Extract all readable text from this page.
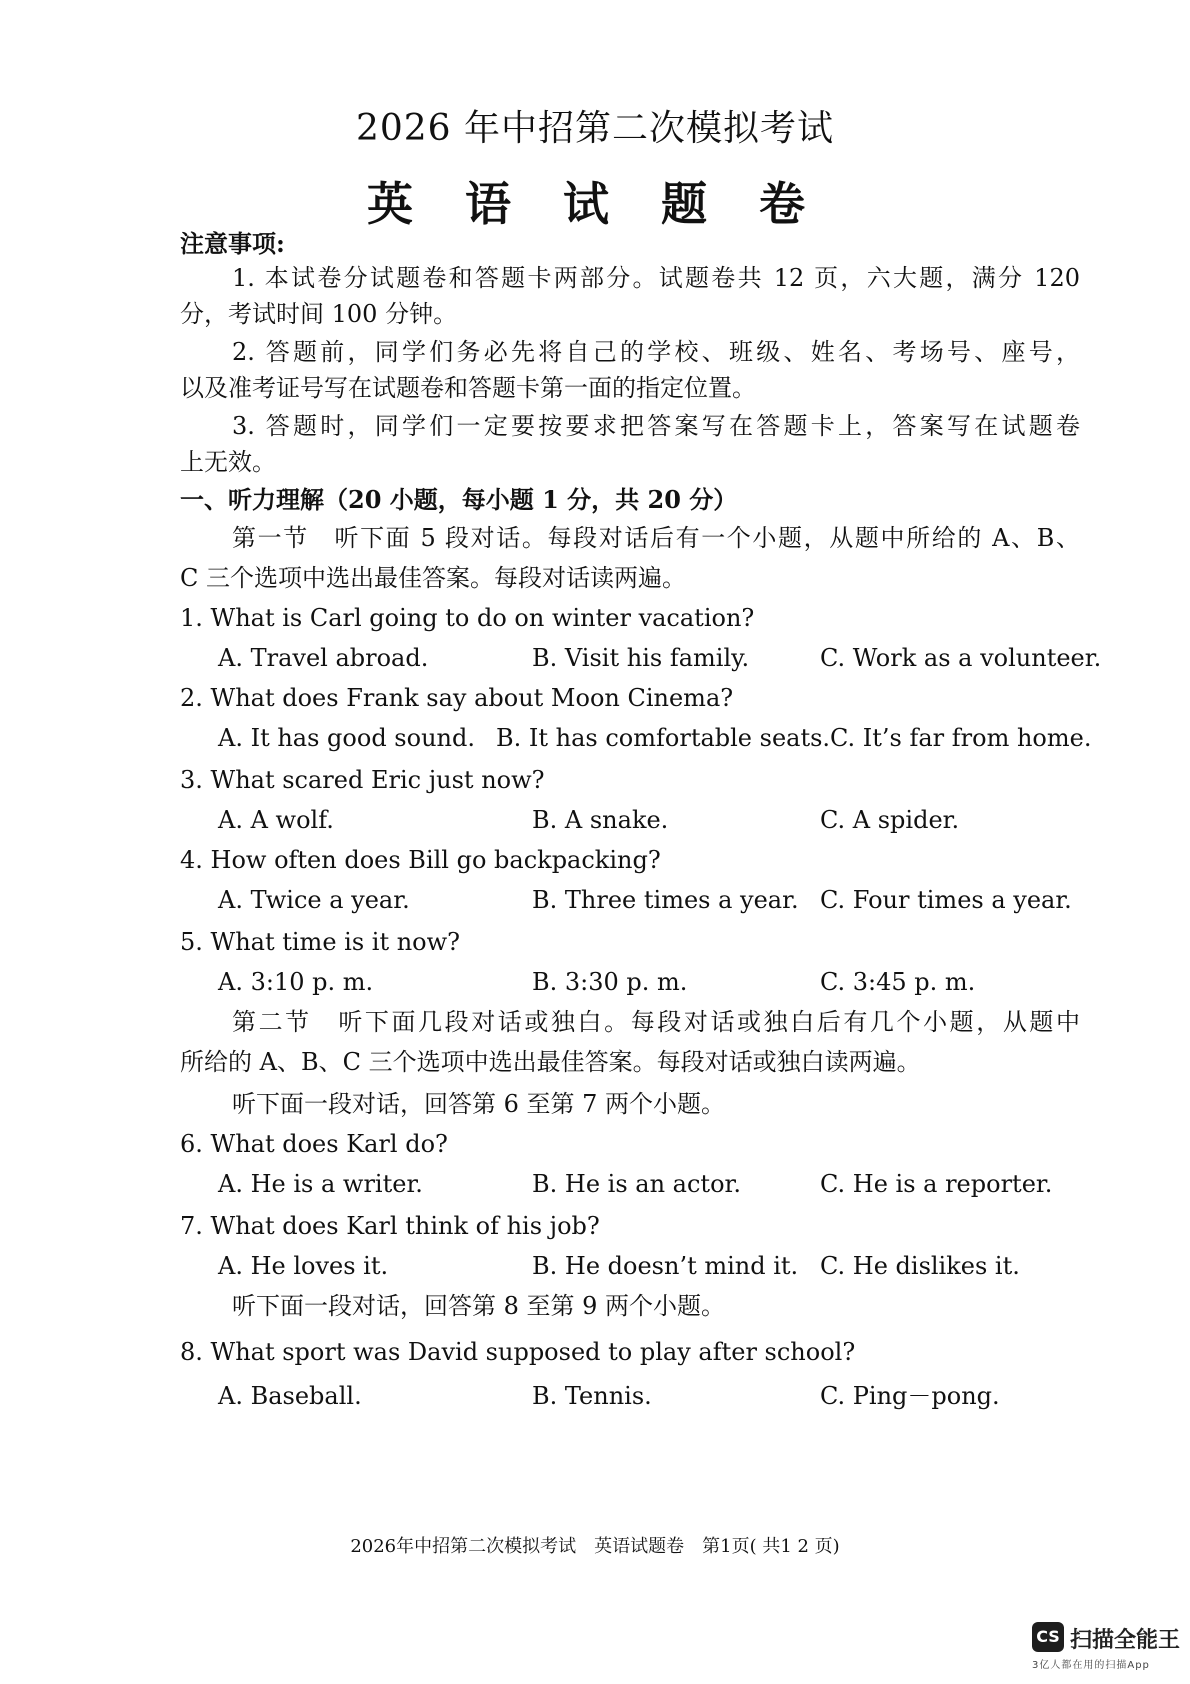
2026 年中招第二次模拟考试
英 语 试 题 卷
注意事项:
1. 本试卷分试题卷和答题卡两部分。试题卷共 12 页，六大题，满分 120
分，考试时间 100 分钟。
2. 答题前，同学们务必先将自己的学校、班级、姓名、考场号、座号，
以及准考证号写在试题卷和答题卡第一面的指定位置。
3. 答题时，同学们一定要按要求把答案写在答题卡上，答案写在试题卷
上无效。
一、听力理解（20 小题，每小题 1 分，共 20 分）
第一节　听下面 5 段对话。每段对话后有一个小题，从题中所给的 A、B、
C 三个选项中选出最佳答案。每段对话读两遍。
1. What is Carl going to do on winter vacation?
A. Travel abroad.	B. Visit his family.	C. Work as a volunteer.
2. What does Frank say about Moon Cinema?
A. It has good sound. B. It has comfortable seats. C. It’s far from home.
3. What scared Eric just now?
A. A wolf.	B. A snake.	C. A spider.
4. How often does Bill go backpacking?
A. Twice a year.	B. Three times a year. C. Four times a year.
5. What time is it now?
A. 3:10 p. m.	B. 3:30 p. m.	C. 3:45 p. m.
第二节　听下面几段对话或独白。每段对话或独白后有几个小题，从题中
所给的 A、B、C 三个选项中选出最佳答案。每段对话或独白读两遍。
听下面一段对话，回答第 6 至第 7 两个小题。
6. What does Karl do?
A. He is a writer.	B. He is an actor.	C. He is a reporter.
7. What does Karl think of his job?
A. He loves it.	B. He doesn’t mind it. C. He dislikes it.
听下面一段对话，回答第 8 至第 9 两个小题。
8. What sport was David supposed to play after school?
A. Baseball.	B. Tennis.	C. Ping－pong.
2026年中招第二次模拟考试　英语试题卷　第1页( 共1 2 页)
CS 扫描全能王
3亿人都在用的扫描App
